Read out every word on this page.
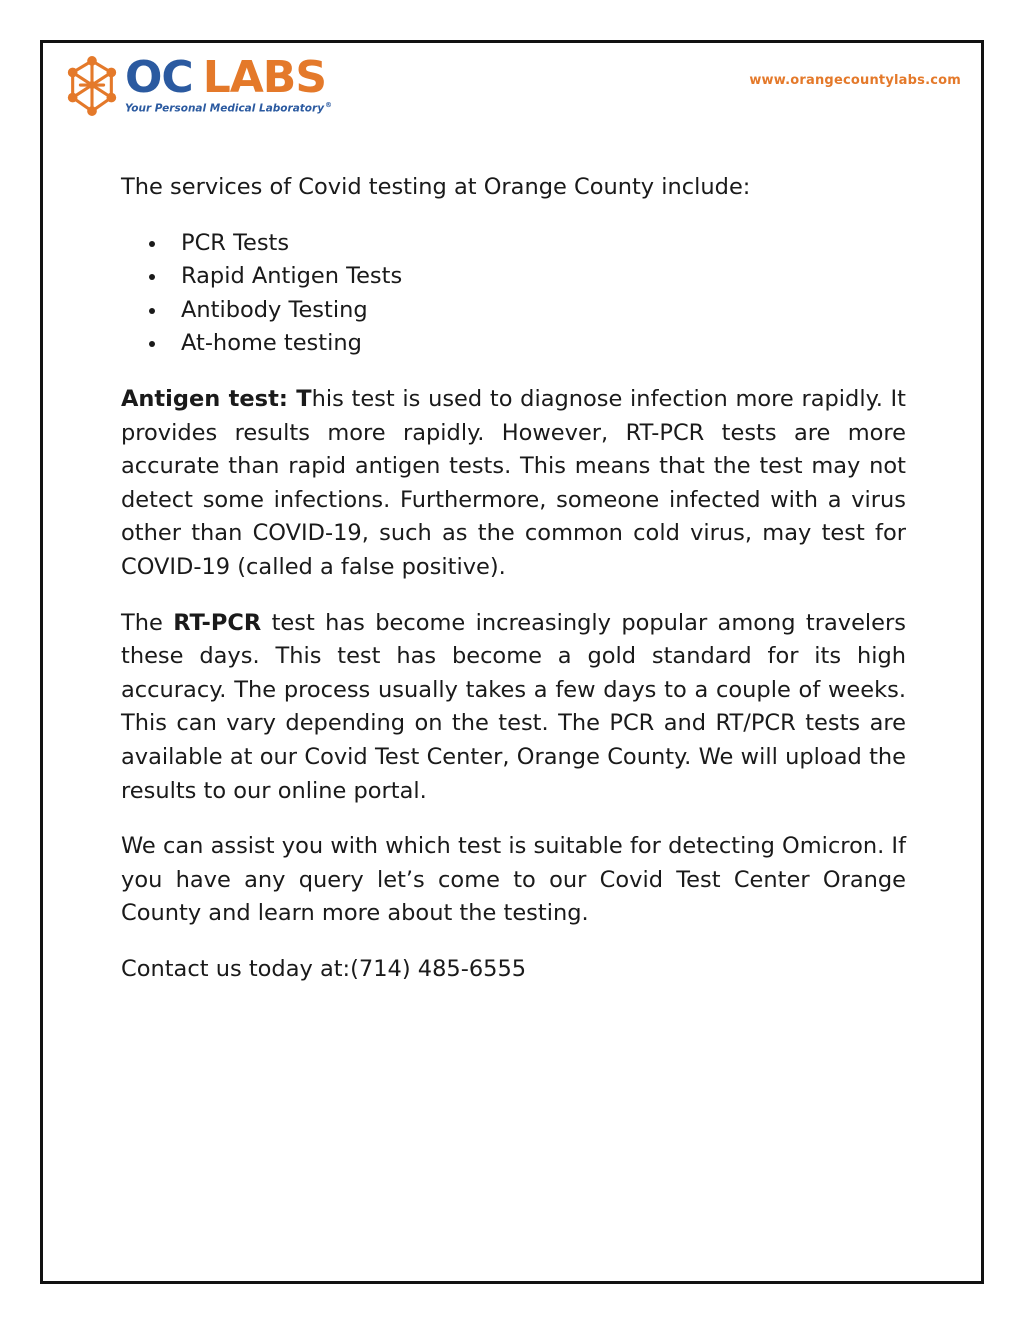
OC LABS
Your Personal Medical Laboratory®
www.orangecountylabs.com

The services of Covid testing at Orange County include:

PCR Tests
Rapid Antigen Tests
Antibody Testing
At-home testing

Antigen test: This test is used to diagnose infection more rapidly. It provides results more rapidly. However, RT-PCR tests are more accurate than rapid antigen tests. This means that the test may not detect some infections. Furthermore, someone infected with a virus other than COVID-19, such as the common cold virus, may test for COVID-19 (called a false positive).

The RT-PCR test has become increasingly popular among travelers these days. This test has become a gold standard for its high accuracy. The process usually takes a few days to a couple of weeks. This can vary depending on the test. The PCR and RT/PCR tests are available at our Covid Test Center, Orange County. We will upload the results to our online portal.

We can assist you with which test is suitable for detecting Omicron. If you have any query let’s come to our Covid Test Center Orange County and learn more about the testing.

Contact us today at:(714) 485-6555
